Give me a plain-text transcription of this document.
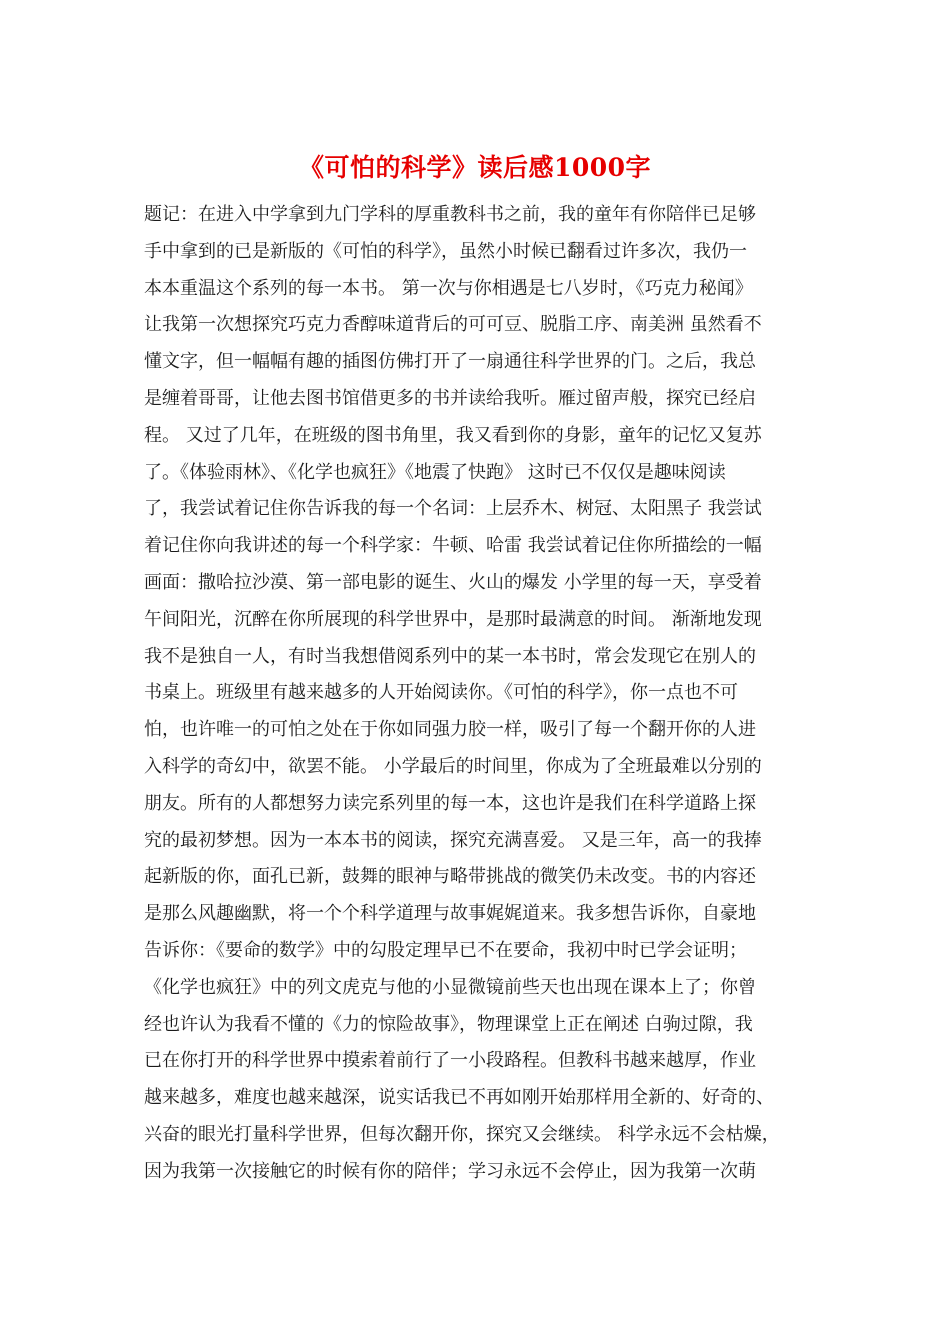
《可怕的科学》读后感1000字
题记：在进入中学拿到九门学科的厚重教科书之前，我的童年有你陪伴已足够
手中拿到的已是新版的《可怕的科学》，虽然小时候已翻看过许多次，我仍一
本本重温这个系列的每一本书。 第一次与你相遇是七八岁时，《巧克力秘闻》
让我第一次想探究巧克力香醇味道背后的可可豆、脱脂工序、南美洲 虽然看不
懂文字，但一幅幅有趣的插图仿佛打开了一扇通往科学世界的门。之后，我总
是缠着哥哥，让他去图书馆借更多的书并读给我听。雁过留声般，探究已经启
程。 又过了几年，在班级的图书角里，我又看到你的身影，童年的记忆又复苏
了。《体验雨林》、《化学也疯狂》《地震了快跑》 这时已不仅仅是趣味阅读
了，我尝试着记住你告诉我的每一个名词：上层乔木、树冠、太阳黑子 我尝试
着记住你向我讲述的每一个科学家：牛顿、哈雷 我尝试着记住你所描绘的一幅
画面：撒哈拉沙漠、第一部电影的诞生、火山的爆发 小学里的每一天，享受着
午间阳光，沉醉在你所展现的科学世界中，是那时最满意的时间。 渐渐地发现
我不是独自一人，有时当我想借阅系列中的某一本书时，常会发现它在别人的
书桌上。班级里有越来越多的人开始阅读你。《可怕的科学》，你一点也不可
怕，也许唯一的可怕之处在于你如同强力胶一样，吸引了每一个翻开你的人进
入科学的奇幻中，欲罢不能。 小学最后的时间里，你成为了全班最难以分别的
朋友。所有的人都想努力读完系列里的每一本，这也许是我们在科学道路上探
究的最初梦想。因为一本本书的阅读，探究充满喜爱。 又是三年，高一的我捧
起新版的你，面孔已新，鼓舞的眼神与略带挑战的微笑仍未改变。书的内容还
是那么风趣幽默，将一个个科学道理与故事娓娓道来。我多想告诉你，自豪地
告诉你：《要命的数学》中的勾股定理早已不在要命，我初中时已学会证明；
《化学也疯狂》中的列文虎克与他的小显微镜前些天也出现在课本上了；你曾
经也许认为我看不懂的《力的惊险故事》，物理课堂上正在阐述 白驹过隙，我
已在你打开的科学世界中摸索着前行了一小段路程。但教科书越来越厚，作业
越来越多，难度也越来越深，说实话我已不再如刚开始那样用全新的、好奇的、
兴奋的眼光打量科学世界，但每次翻开你，探究又会继续。 科学永远不会枯燥，
因为我第一次接触它的时候有你的陪伴；学习永远不会停止，因为我第一次萌
